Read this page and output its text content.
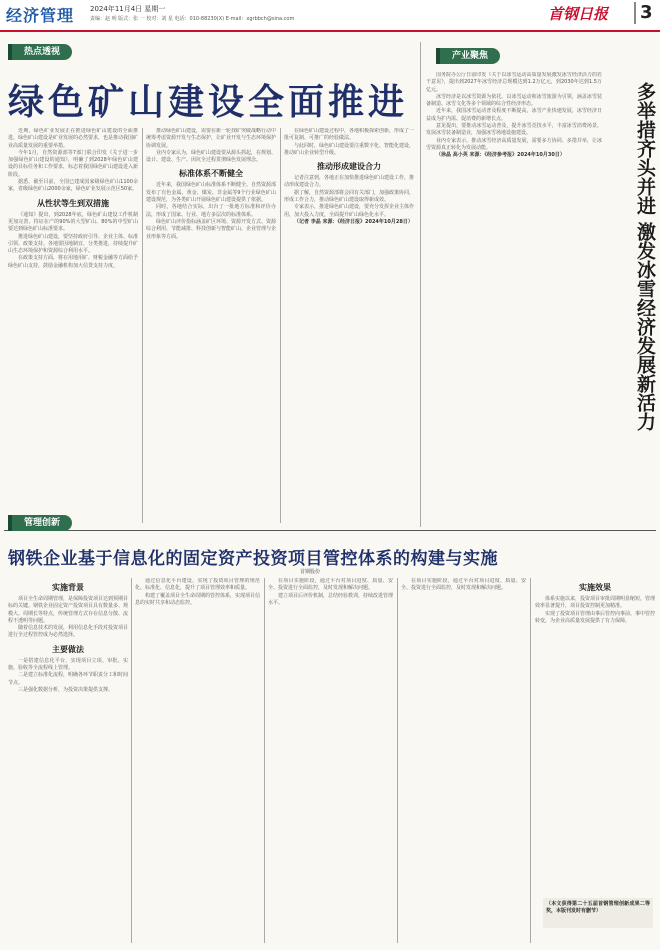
经济管理 2024年11月4日 星期一
责编：赵 明 版式：张 一 校对：刘 星 电话：010-88230(X) E-mail：xgrbbch@sina.com	首钢日报	3
热点透视
绿色矿山建设全面推进

近期，绿色矿业发展正在推进绿色矿山建设的全面推进。绿色矿山建设是矿业发展的必然要求，也是推动我国矿业高质量发展的重要举措。

今年1月，自然资源部等7部门联合印发《关于进一步加强绿色矿山建设的通知》，明确了到2028年绿色矿山建设的目标任务和工作要求，标志着我国绿色矿山建设进入新阶段。

据悉，截至目前，全国已建成国家级绿色矿山1100余家，省级绿色矿山2000余家，绿色矿业发展示范区50家。

从性状等生到双措施

《通知》提出，到2028年底，绿色矿山建设工作机制更加完善，持证在产的90%的大型矿山、80%的中型矿山要达到绿色矿山标准要求。

推进绿色矿山建设，要坚持政府引导、企业主体、标准引领、政策支持。各地要因地制宜，分类推进，持续提升矿山生态环境保护和资源综合利用水平。

在政策支持方面，将在用地用矿、财税金融等方面给予绿色矿山支持，鼓励金融机构加大信贷支持力度。

推动绿色矿山建设，需要在新一轮找矿突破战略行动中统筹考虑资源开发与生态保护，让矿业开发与生态环境保护协调发展。

业内专家认为，绿色矿山建设要从源头抓起，在规划、设计、建设、生产、闭坑全过程贯彻绿色发展理念。

标准体系不断健全

近年来，我国绿色矿山标准体系不断健全。自然资源部发布了有色金属、黄金、煤炭、非金属等9个行业绿色矿山建设规范，为各类矿山开展绿色矿山建设提供了依据。

同时，各地结合实际，出台了一批地方标准和评价办法，形成了国家、行业、地方多层次的标准体系。

绿色矿山评价指标涵盖矿区环境、资源开发方式、资源综合利用、节能减排、科技创新与智能矿山、企业管理与企业形象等方面。

在绿色矿山建设过程中，各地积极探索创新，形成了一批可复制、可推广的经验做法。

与此同时，绿色矿山建设要注重数字化、智能化建设，推动矿山企业转型升级。

推动形成建设合力

记者注意到，各地正在加快推进绿色矿山建设工作，推动形成建设合力。

据了解，自然资源部将会同有关部门，加强政策协同，形成工作合力，推动绿色矿山建设取得新成效。

专家表示，推进绿色矿山建设，要充分发挥企业主体作用，加大投入力度，全面提升矿山绿色化水平。

（记者 李晶 来源：《经济日报》2024年10月28日）

产业聚焦
多举措齐头并进 激发冰雪经济发展新活力

国务院办公厅日前印发《关于以冰雪运动高质量发展激发冰雪经济活力的若干意见》，提出到2027年冰雪经济总规模达到1.2万亿元，到2030年达到1.5万亿元。

冰雪经济是以冰雪资源为依托、以冰雪运动和冰雪旅游为引领，涵盖冰雪装备制造、冰雪文化等多个领域的综合性经济形态。

近年来，我国冰雪运动普及程度不断提高，冰雪产业快速发展，冰雪经济日益成为扩内需、促消费的新增长点。

意见提出，要推动冰雪运动普及，提升冰雪竞技水平，丰富冰雪消费场景，发展冰雪装备制造业，加强冰雪场地设施建设。

业内专家表示，推动冰雪经济高质量发展，需要多方协同、多措并举，让冰雪资源真正转化为发展动能。

（徐晶 高小英 来源：《经济参考报》2024年10月30日）

管理创新
钢铁企业基于信息化的固定资产投资项目管控体系的构建与实施
首钢股份
实施背景

项目全生命周期管理，是保障投资项目达到预期目标的关键。钢铁企业固定资产投资项目具有数量多、规模大、周期长等特点，传统管理方式存在信息分散、流程不透明等问题。

随着信息技术的发展，利用信息化手段对投资项目进行全过程管控成为必然选择。

主要做法

一是搭建信息化平台，实现项目立项、审批、实施、验收等全流程线上管理。

二是建立标准化流程，明确各环节职责分工和时间节点。

三是强化数据分析，为投资决策提供支撑。

通过信息化平台建设，实现了投资项目管理的规范化、标准化、信息化，提升了项目管理效率和质量。

构建了覆盖项目全生命周期的管控体系，实现项目信息的实时共享和动态监控。

在项目实施阶段，通过平台对项目进度、质量、安全、投资进行全面监控，及时发现和解决问题。

建立项目后评价机制，总结经验教训，持续改进管理水平。

在项目实施阶段，通过平台对项目进度、质量、安全、投资进行全面监控，及时发现和解决问题。	实施效果

体系实施以来，投资项目审批周期明显缩短，管理效率显著提升，项目投资控制更加精准。

实现了投资项目管理由事后管控向事前、事中管控转变，为企业高质量发展提供了有力保障。

（本文获得第二十五届首钢管理创新成果二等奖，本版刊发时有删节）
